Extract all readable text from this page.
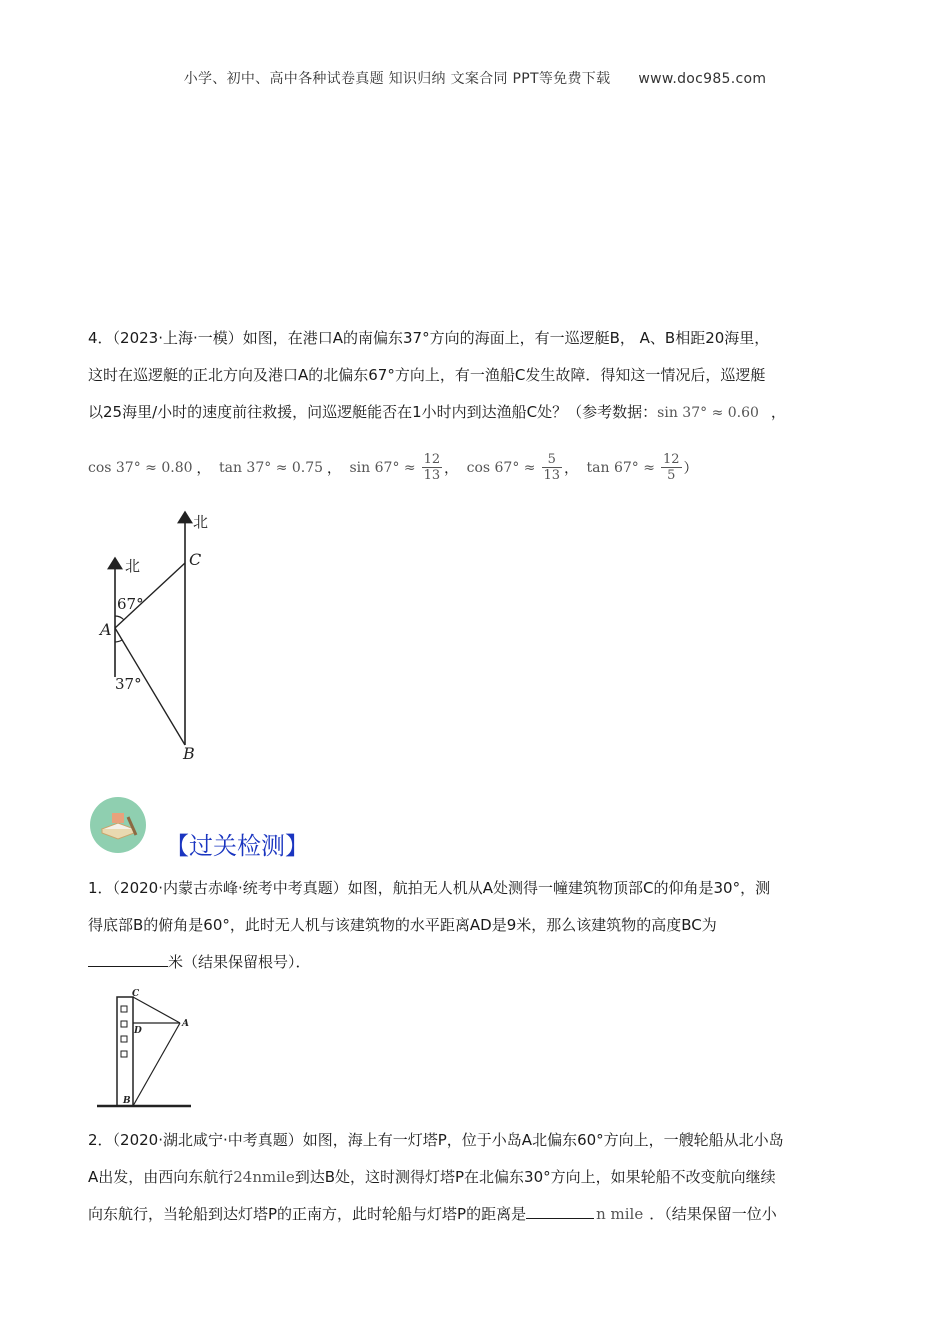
小学、初中、高中各种试卷真题 知识归纳 文案合同 PPT等免费下载 www.doc985.com
4．（2023·上海·一模）如图，在港口A的南偏东37°方向的海面上，有一巡逻艇B， A、B相距20海里，
这时在巡逻艇的正北方向及港口A的北偏东67°方向上，有一渔船C发生故障．得知这一情况后，巡逻艇
以25海里/小时的速度前往救援，问巡逻艇能否在1小时内到达渔船C处？（参考数据：sin 37° ≈ 0.60 ，
cos 37° ≈ 0.80 ， tan 37° ≈ 0.75 ， $\sin 67^\circ \approx \frac{12}{13}$ ， $\cos 67^\circ \approx \frac{5}{13}$ ， $\tan 67^\circ \approx \frac{12}{5}$ ）
北
北	C
A
B
67°
37°
【过关检测】
1．（2020·内蒙古赤峰·统考中考真题）如图，航拍无人机从A处测得一幢建筑物顶部C的仰角是30°，测
得底部B的俯角是60°，此时无人机与该建筑物的水平距离AD是9米，那么该建筑物的高度BC为
米（结果保留根号）．
C
D
A
B
2．（2020·湖北咸宁·中考真题）如图，海上有一灯塔P，位于小岛A北偏东60°方向上，一艘轮船从北小岛
A出发，由西向东航行24nmile到达B处，这时测得灯塔P在北偏东30°方向上，如果轮船不改变航向继续
向东航行，当轮船到达灯塔P的正南方，此时轮船与灯塔P的距离是	n mile ．（结果保留一位小
